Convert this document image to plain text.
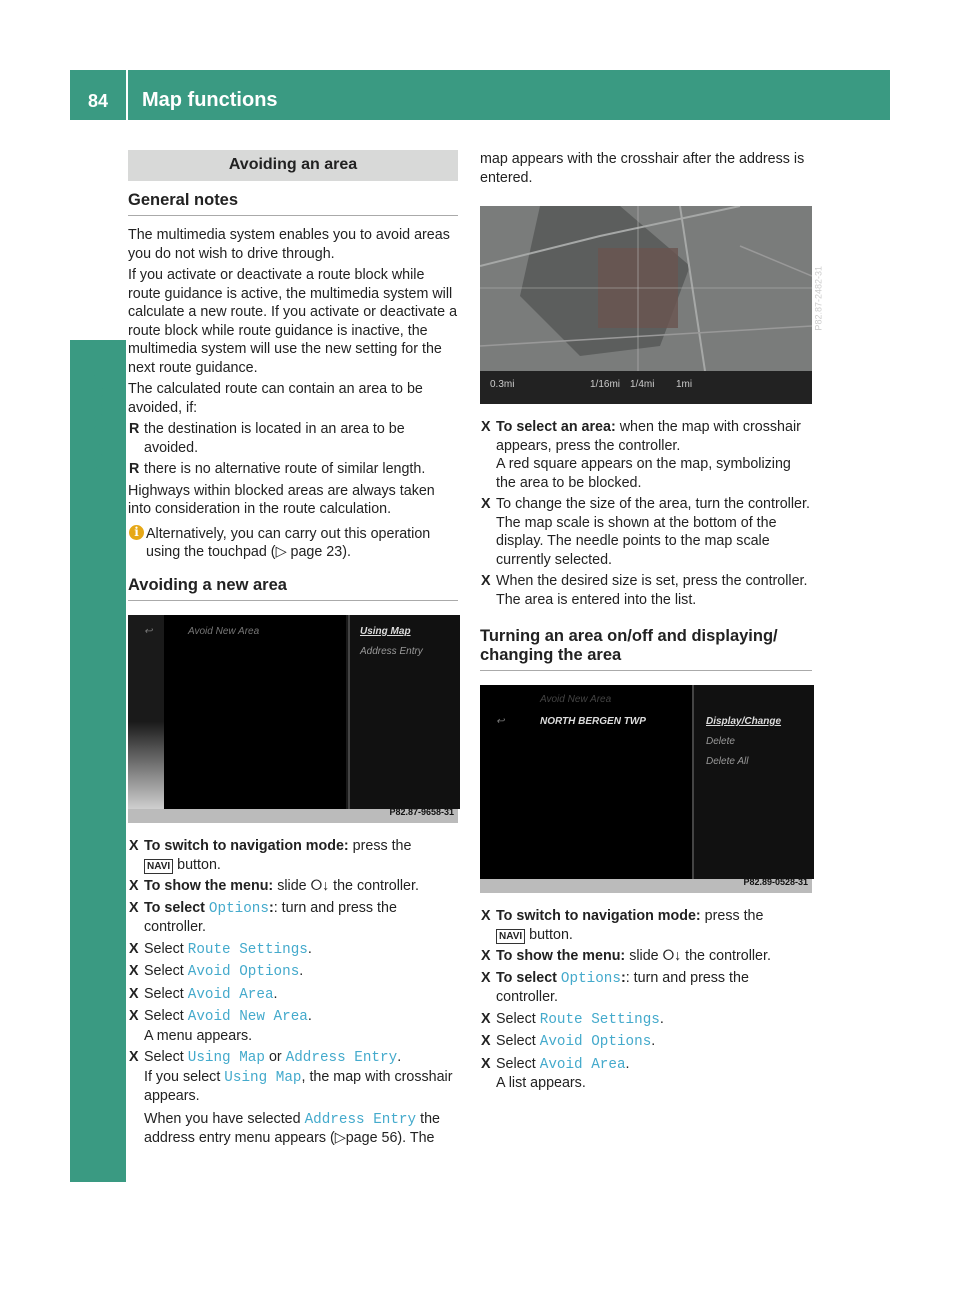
84	Map functions
Navigation
Avoiding an area
General notes

The multimedia system enables you to avoid areas you do not wish to drive through.

If you activate or deactivate a route block while route guidance is active, the multimedia system will calculate a new route. If you activate or deactivate a route block while route guidance is inactive, the multimedia system will use the new setting for the next route guidance.

The calculated route can contain an area to be avoided, if:

R the destination is located in an area to be avoided.
R there is no alternative route of similar length.

Highways within blocked areas are always taken into consideration in the route calculation.

i Alternatively, you can carry out this operation using the touchpad (▷ page 23).
Avoiding a new area
↩	Avoid New Area	Using Map
Address Entry
P82.87-9658-31
X To switch to navigation mode: press the
NAVI button.
X To show the menu: slide ⭘↓ the controller.
X To select Options:: turn and press the controller.
X Select Route Settings.
X Select Avoid Options.
X Select Avoid Area.
X Select Avoid New Area.
A menu appears.
X Select Using Map or Address Entry.
If you select Using Map, the map with crosshair appears.
When you have selected Address Entry the address entry menu appears (▷page 56). The

map appears with the crosshair after the address is entered.

0.3mi	1/16mi 1/4mi 1mi
P82.87-2482-31
X To select an area: when the map with crosshair appears, press the controller.
A red square appears on the map, symbolizing the area to be blocked.
X To change the size of the area, turn the controller.
The map scale is shown at the bottom of the display. The needle points to the map scale currently selected.
X When the desired size is set, press the controller.
The area is entered into the list.
Turning an area on/off and displaying/ changing the area
Avoid New Area
↩	NORTH BERGEN TWP	Display/Change
Delete
Delete All
P82.89-0528-31
X To switch to navigation mode: press the
NAVI button.
X To show the menu: slide ⭘↓ the controller.
X To select Options:: turn and press the controller.
X Select Route Settings.
X Select Avoid Options.
X Select Avoid Area.
A list appears.
